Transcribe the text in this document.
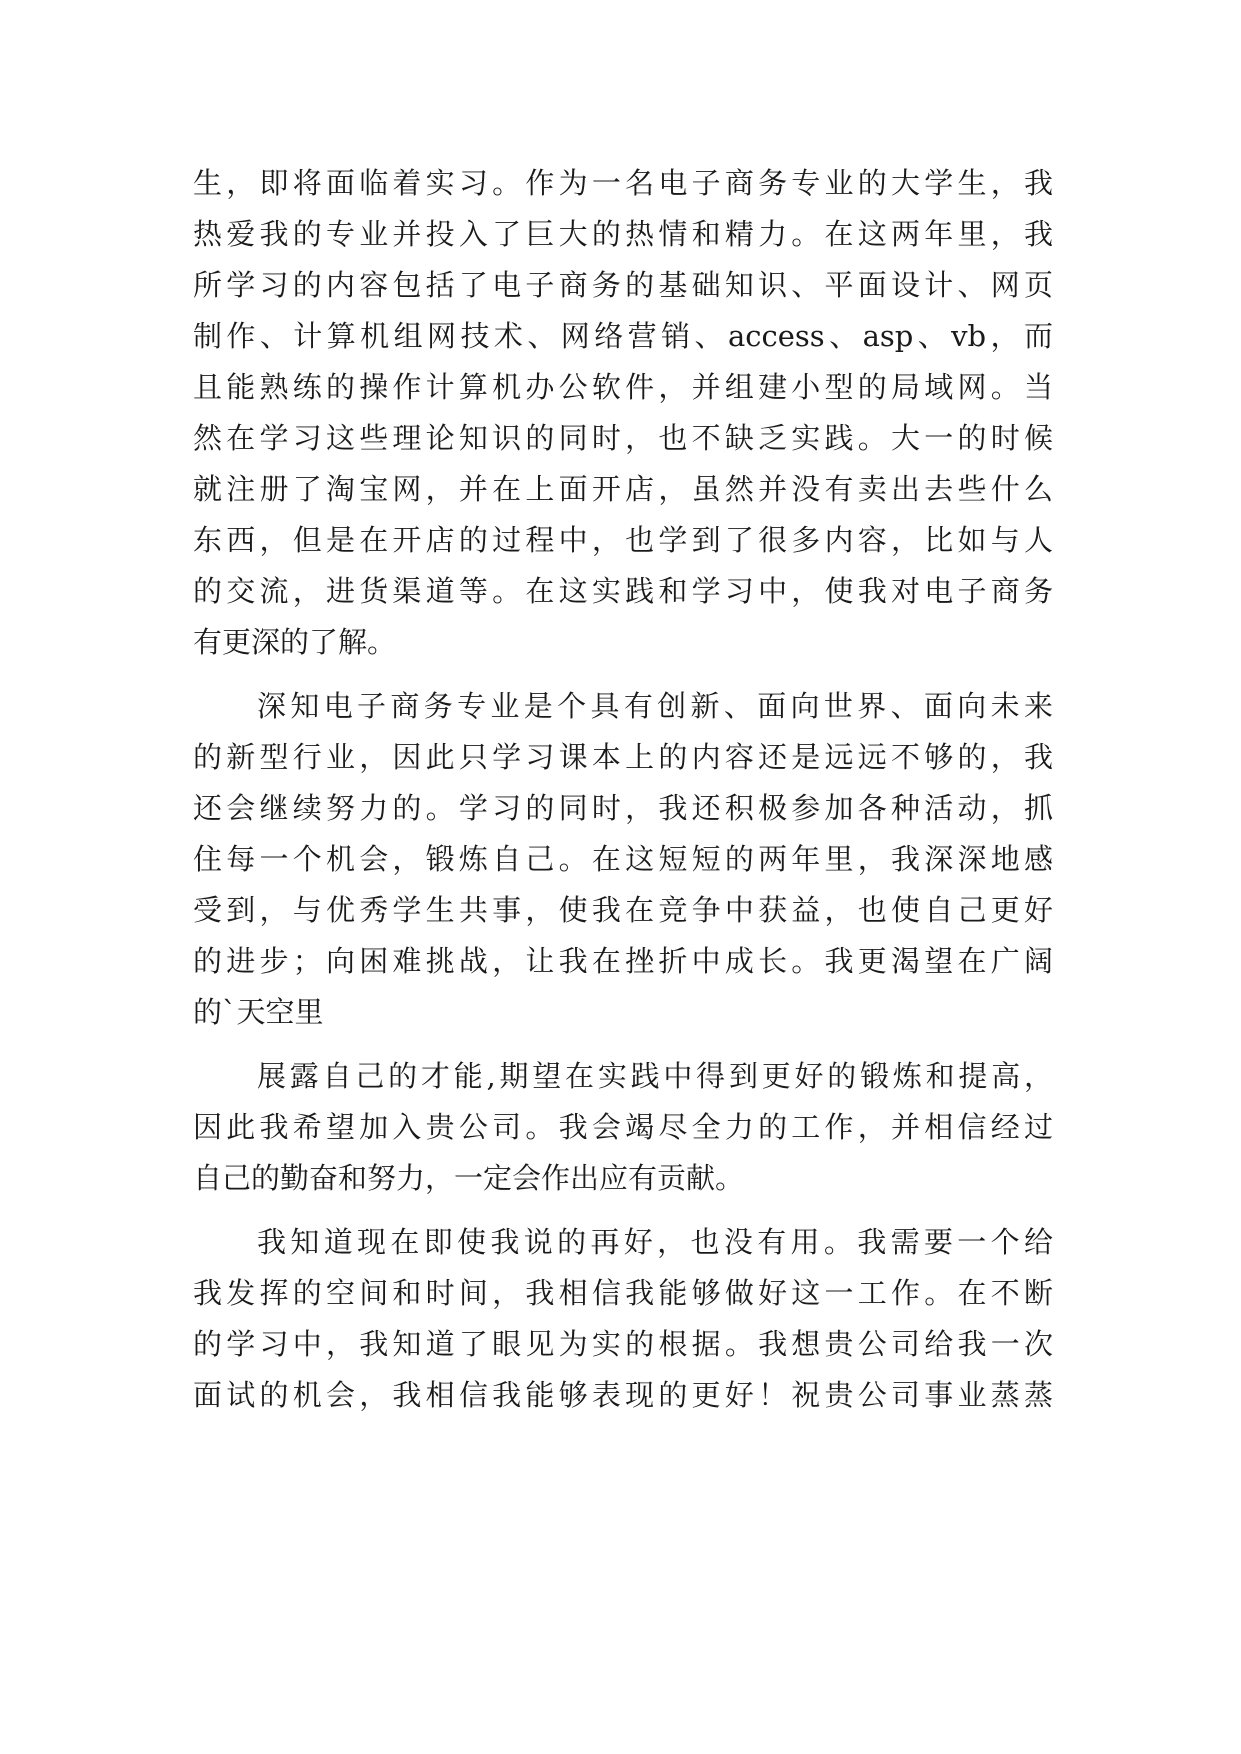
生，即将面临着实习。作为一名电子商务专业的大学生，我
热爱我的专业并投入了巨大的热情和精力。在这两年里，我
所学习的内容包括了电子商务的基础知识、平面设计、网页
制作、计算机组网技术、网络营销、access、asp、vb，而
且能熟练的操作计算机办公软件，并组建小型的局域网。当
然在学习这些理论知识的同时，也不缺乏实践。大一的时候
就注册了淘宝网，并在上面开店，虽然并没有卖出去些什么
东西，但是在开店的过程中，也学到了很多内容，比如与人
的交流，进货渠道等。在这实践和学习中，使我对电子商务
有更深的了解。
深知电子商务专业是个具有创新、面向世界、面向未来
的新型行业，因此只学习课本上的内容还是远远不够的，我
还会继续努力的。学习的同时，我还积极参加各种活动，抓
住每一个机会，锻炼自己。在这短短的两年里，我深深地感
受到，与优秀学生共事，使我在竞争中获益，也使自己更好
的进步；向困难挑战，让我在挫折中成长。我更渴望在广阔
的`天空里
展露自己的才能,期望在实践中得到更好的锻炼和提高，
因此我希望加入贵公司。我会竭尽全力的工作，并相信经过
自己的勤奋和努力，一定会作出应有贡献。
我知道现在即使我说的再好，也没有用。我需要一个给
我发挥的空间和时间，我相信我能够做好这一工作。在不断
的学习中，我知道了眼见为实的根据。我想贵公司给我一次
面试的机会，我相信我能够表现的更好！祝贵公司事业蒸蒸
